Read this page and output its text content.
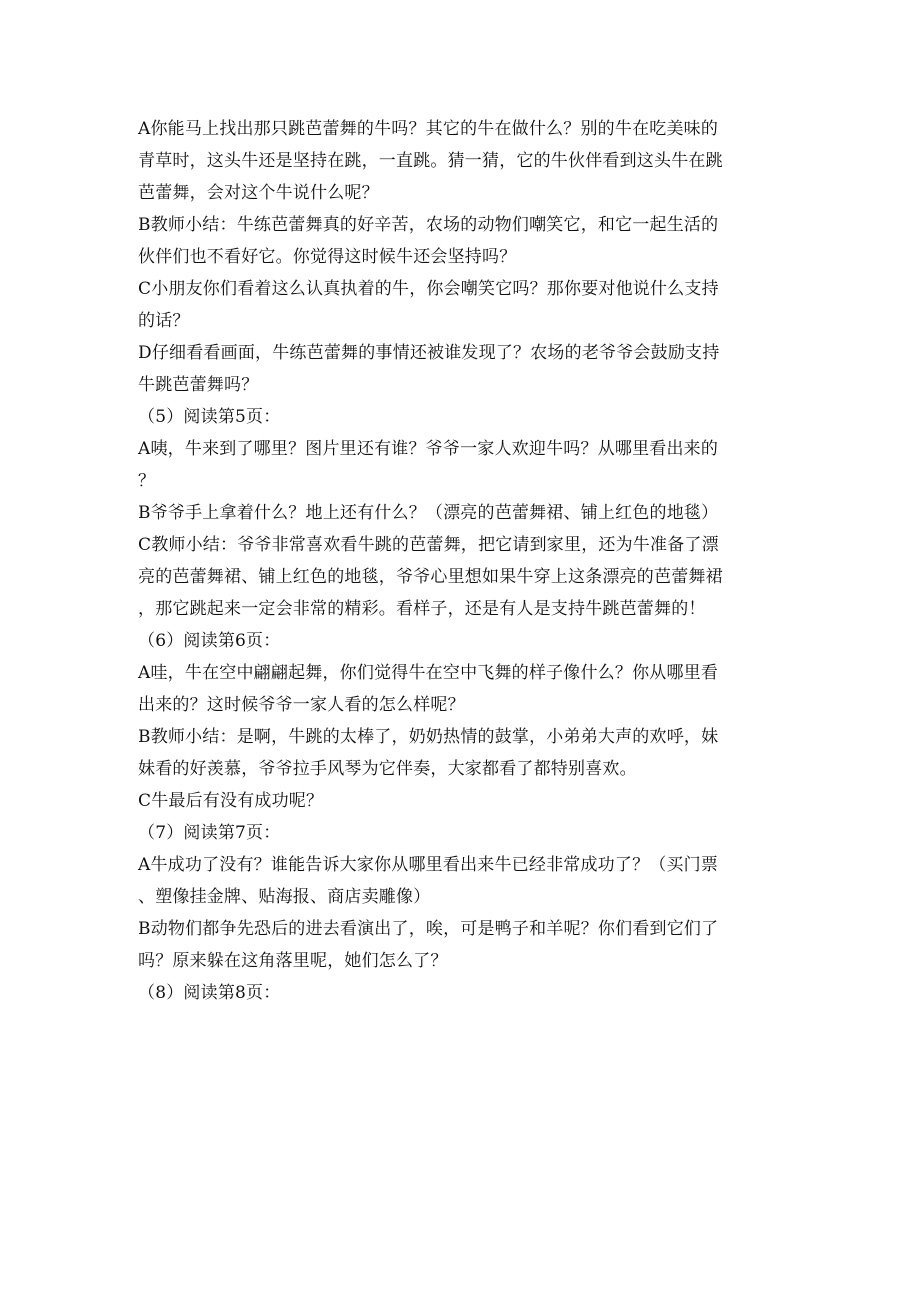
A你能马上找出那只跳芭蕾舞的牛吗？其它的牛在做什么？别的牛在吃美味的
青草时，这头牛还是坚持在跳，一直跳。猜一猜，它的牛伙伴看到这头牛在跳
芭蕾舞，会对这个牛说什么呢？
B教师小结：牛练芭蕾舞真的好辛苦，农场的动物们嘲笑它，和它一起生活的
伙伴们也不看好它。你觉得这时候牛还会坚持吗？
C小朋友你们看着这么认真执着的牛，你会嘲笑它吗？那你要对他说什么支持
的话？
D仔细看看画面，牛练芭蕾舞的事情还被谁发现了？农场的老爷爷会鼓励支持
牛跳芭蕾舞吗？
（5）阅读第5页：
A咦，牛来到了哪里？图片里还有谁？爷爷一家人欢迎牛吗？从哪里看出来的
？
B爷爷手上拿着什么？地上还有什么？（漂亮的芭蕾舞裙、铺上红色的地毯）
C教师小结：爷爷非常喜欢看牛跳的芭蕾舞，把它请到家里，还为牛准备了漂
亮的芭蕾舞裙、铺上红色的地毯，爷爷心里想如果牛穿上这条漂亮的芭蕾舞裙
，那它跳起来一定会非常的精彩。看样子，还是有人是支持牛跳芭蕾舞的！
（6）阅读第6页：
A哇，牛在空中翩翩起舞，你们觉得牛在空中飞舞的样子像什么？你从哪里看
出来的？这时候爷爷一家人看的怎么样呢？
B教师小结：是啊，牛跳的太棒了，奶奶热情的鼓掌，小弟弟大声的欢呼，妹
妹看的好羡慕，爷爷拉手风琴为它伴奏，大家都看了都特别喜欢。
C牛最后有没有成功呢？
（7）阅读第7页：
A牛成功了没有？谁能告诉大家你从哪里看出来牛已经非常成功了？（买门票
、塑像挂金牌、贴海报、商店卖雕像）
B动物们都争先恐后的进去看演出了，唉，可是鸭子和羊呢？你们看到它们了
吗？原来躲在这角落里呢，她们怎么了？
（8）阅读第8页：
